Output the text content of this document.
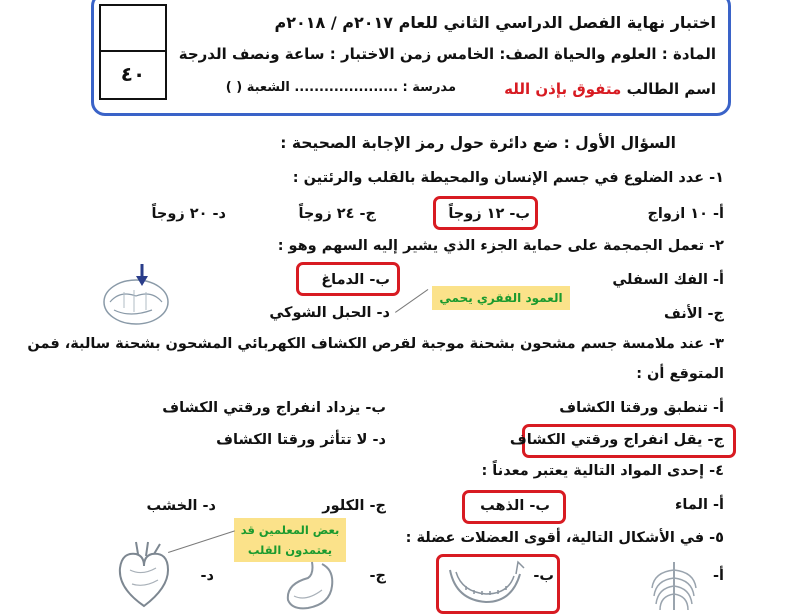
٤٠
اختبار نهاية الفصل الدراسي الثاني للعام ٢٠١٧م / ٢٠١٨م
المادة : العلوم والحياة الصف: الخامس زمن الاختبار : ساعة ونصف الدرجة
اسم الطالب متفوق بإذن الله
مدرسة : ..................... الشعبة ( )
السؤال الأول : ضع دائرة حول رمز الإجابة الصحيحة :
١- عدد الضلوع في جسم الإنسان والمحيطة بالقلب والرئتين :
أ- ١٠ ازواج
ب- ١٢ زوجاً
ج- ٢٤ زوجاً
د- ٢٠ زوجاً
٢- تعمل الجمجمة على حماية الجزء الذي يشير إليه السهم وهو :
أ- الفك السفلي
ب- الدماغ
ج- الأنف
د- الحبل الشوكي
العمود الفقري يحمي
٣- عند ملامسة جسم مشحون بشحنة موجبة لقرص الكشاف الكهربائي المشحون بشحنة سالبة، فمن
المتوقع أن :
أ- تنطبق ورقتا الكشاف
ب- يزداد انفراج ورقتي الكشاف
ج- يقل انفراج ورقتي الكشاف
د- لا تتأثر ورقتا الكشاف
٤- إحدى المواد التالية يعتبر معدناً :
أ- الماء
ب- الذهب
ج- الكلور
د- الخشب
بعض المعلمين قد يعتمدون القلب
٥- في الأشكال التالية، أقوى العضلات عضلة :
أ-
ب-
ج-
د-
